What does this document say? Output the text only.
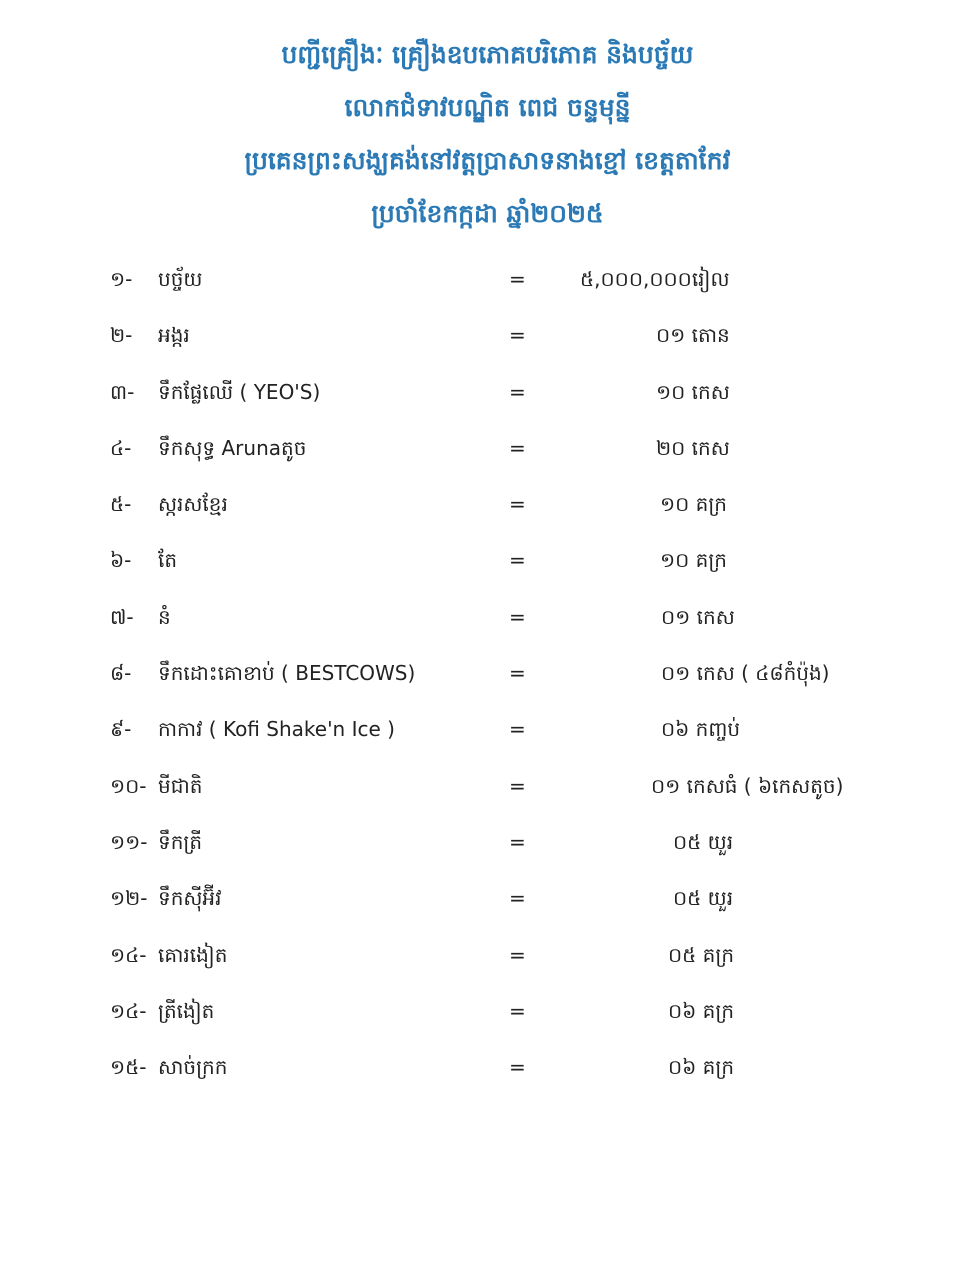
បញ្ជីគ្រឿងៈ គ្រឿងឧបភោគបរិភោគ និងបច្ច័យ
លោកជំទាវបណ្ឌិត ពេជ ចន្ទមុន្នី
ប្រគេនព្រះសង្ឃគង់នៅវត្តប្រាសាទនាងខ្មៅ ខេត្តតាកែវ
ប្រចាំខែកក្កដា ឆ្នាំ២០២៥
១- បច្ច័យ	=	៥,០០០,០០០រៀល
២- អង្ករ	=	០១ តោន
៣- ទឹកផ្លែឈើ ( YEO'S)	=	១០ កេស
៤- ទឹកសុទ្ធ Arunaតូច	=	២០ កេស
៥- ស្ករសខ្មែរ	=	១០ គក្រ
៦- តែ	=	១០ គក្រ
៧- នំ	=	០១ កេស
៨- ទឹកដោះគោខាប់ ( BESTCOWS)	=	០១ កេស ( ៤៨កំប៉ុង)
៩- កាកាវ ( Kofi Shake'n Ice )	=	០៦ កញ្ចប់
១០- មីជាតិ	=	០១ កេសធំ ( ៦កេសតូច)
១១- ទឹកត្រី	=	០៥ យួរ
១២- ទឹកស៊ីអ៊ីវ	=	០៥ យួរ
១៤- គោរងៀត	=	០៥ គក្រ
១៤- ត្រីងៀត	=	០៦ គក្រ
១៥- សាច់ក្រក	=	០៦ គក្រ
